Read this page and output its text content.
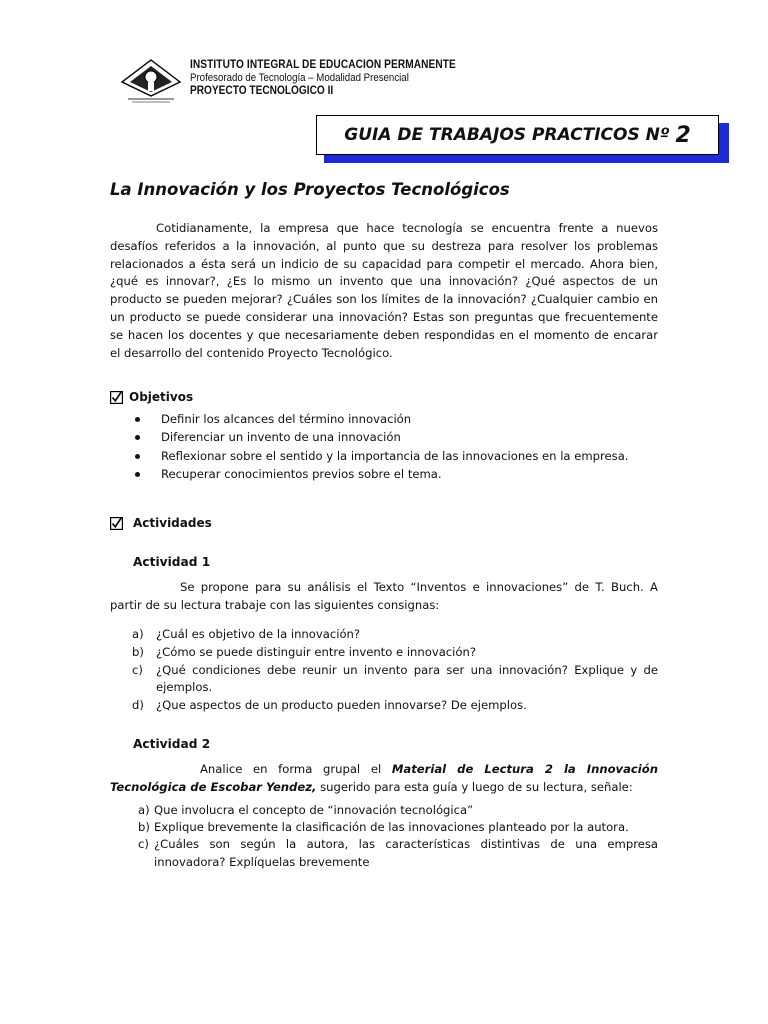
INSTITUTO INTEGRAL DE EDUCACION PERMANENTE
Profesorado de Tecnología – Modalidad Presencial
PROYECTO TECNOLOGICO II
GUIA DE TRABAJOS PRACTICOS Nº 2
La Innovación y los Proyectos Tecnológicos
Cotidianamente, la empresa que hace tecnología se encuentra frente a nuevos desafíos referidos a la innovación, al punto que su destreza para resolver los problemas relacionados a ésta será un indicio de su capacidad para competir el mercado. Ahora bien, ¿qué es innovar?, ¿Es lo mismo un invento que una innovación? ¿Qué aspectos de un producto se pueden mejorar? ¿Cuáles son los límites de la innovación? ¿Cualquier cambio en un producto se puede considerar una innovación? Estas son preguntas que frecuentemente se hacen los docentes y que necesariamente deben respondidas en el momento de encarar el desarrollo del contenido Proyecto Tecnológico.
Objetivos
Definir los alcances del término innovación
Diferenciar un invento de una innovación
Reflexionar sobre el sentido y la importancia de las innovaciones en la empresa.
Recuperar conocimientos previos sobre el tema.
Actividades
Actividad 1
Se propone para su análisis el Texto “Inventos e innovaciones” de T. Buch. A partir de su lectura trabaje con las siguientes consignas:
a) ¿Cuál es objetivo de la innovación?
b) ¿Cómo se puede distinguir entre invento e innovación?
c) ¿Qué condiciones debe reunir un invento para ser una innovación? Explique y de ejemplos.
d) ¿Que aspectos de un producto pueden innovarse? De ejemplos.
Actividad 2
Analice en forma grupal el Material de Lectura 2 la Innovación Tecnológica de Escobar Yendez, sugerido para esta guía y luego de su lectura, señale:
a) Que involucra el concepto de “innovación tecnológica”
b) Explique brevemente la clasificación de las innovaciones planteado por la autora.
c) ¿Cuáles son según la autora, las características distintivas de una empresa innovadora? Explíquelas brevemente
